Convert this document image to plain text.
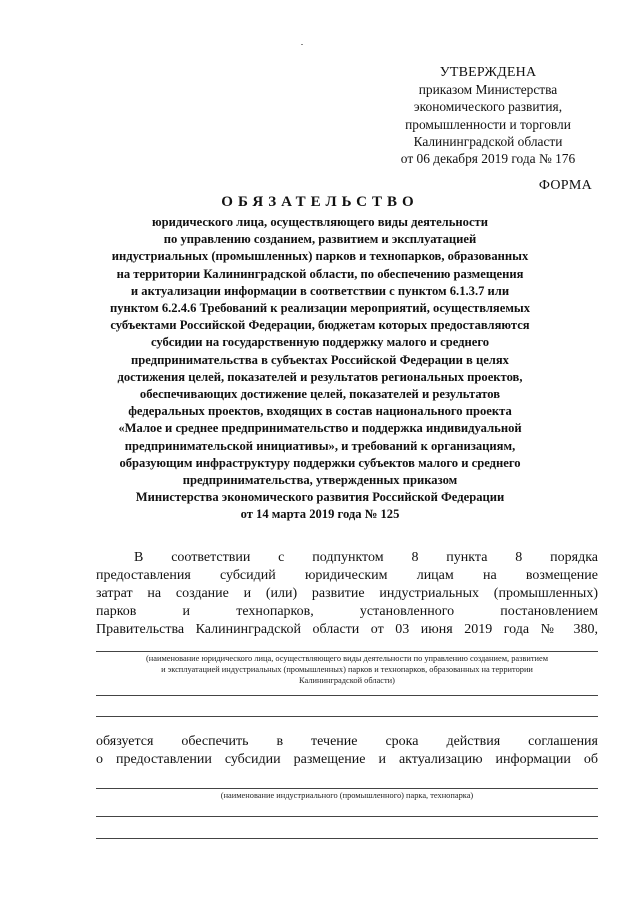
УТВЕРЖДЕНА
приказом Министерства
экономического развития,
промышленности и торговли
Калининградской области
от 06 декабря 2019 года № 176
ФОРМА
ОБЯЗАТЕЛЬСТВО
юридического лица, осуществляющего виды деятельности
по управлению созданием, развитием и эксплуатацией
индустриальных (промышленных) парков и технопарков, образованных
на территории Калининградской области, по обеспечению размещения
и актуализации информации в соответствии с пунктом 6.1.3.7 или
пунктом 6.2.4.6 Требований к реализации мероприятий, осуществляемых
субъектами Российской Федерации, бюджетам которых предоставляются
субсидии на государственную поддержку малого и среднего
предпринимательства в субъектах Российской Федерации в целях
достижения целей, показателей и результатов региональных проектов,
обеспечивающих достижение целей, показателей и результатов
федеральных проектов, входящих в состав национального проекта
«Малое и среднее предпринимательство и поддержка индивидуальной
предпринимательской инициативы», и требований к организациям,
образующим инфраструктуру поддержки субъектов малого и среднего
предпринимательства, утвержденных приказом
Министерства экономического развития Российской Федерации
от 14 марта 2019 года № 125
В соответствии с подпунктом 8 пункта 8 порядка
предоставления субсидий юридическим лицам на возмещение
затрат на создание и (или) развитие индустриальных (промышленных)
парков и технопарков, установленного постановлением
Правительства Калининградской области от 03 июня 2019 года № 380,
(наименование юридического лица, осуществляющего виды деятельности по управлению созданием, развитием
и эксплуатацией индустриальных (промышленных) парков и технопарков, образованных на территории
Калининградской области)
обязуется обеспечить в течение срока действия соглашения
о предоставлении субсидии размещение и актуализацию информации об
(наименование индустриального (промышленного) парка, технопарка)
